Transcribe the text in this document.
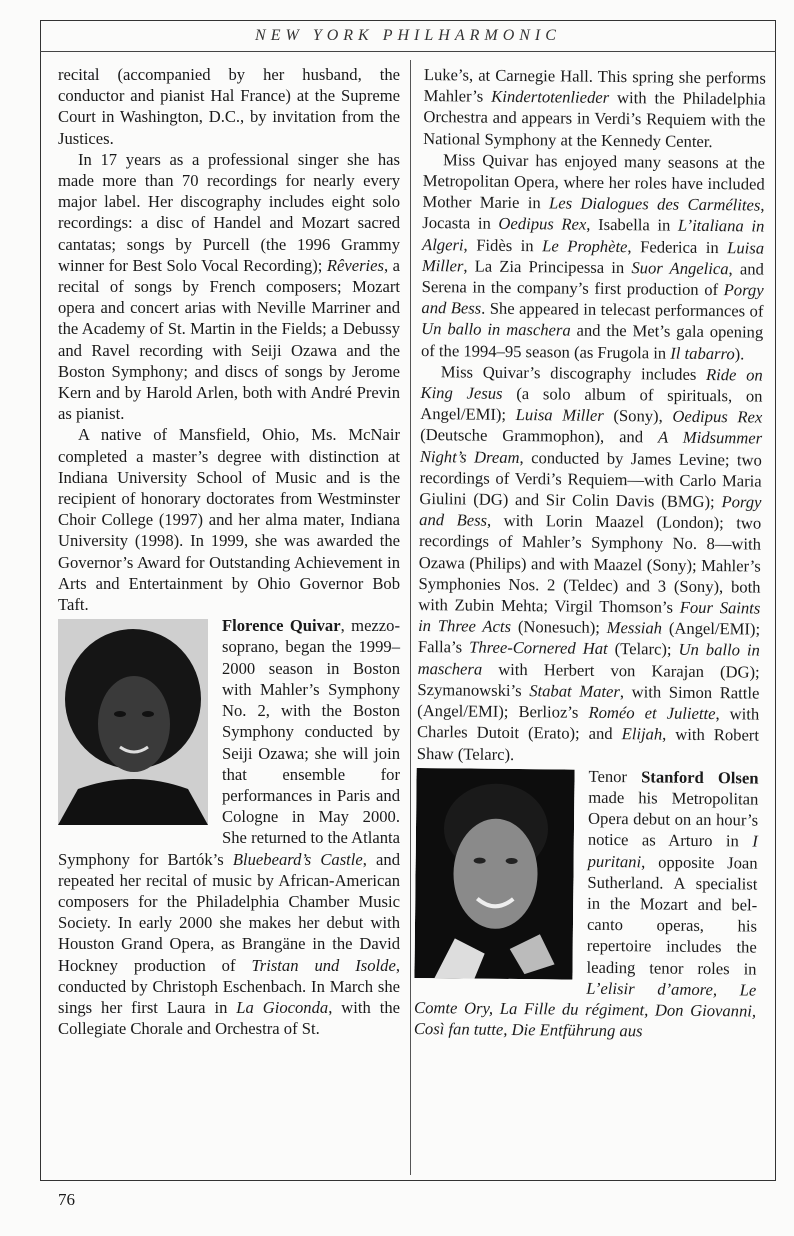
NEW YORK PHILHARMONIC

recital (accompanied by her husband, the conductor and pianist Hal France) at the Supreme Court in Washington, D.C., by invitation from the Justices.

In 17 years as a professional singer she has made more than 70 recordings for nearly every major label. Her discography includes eight solo recordings: a disc of Handel and Mozart sacred cantatas; songs by Purcell (the 1996 Grammy winner for Best Solo Vocal Recording); Rêveries, a recital of songs by French composers; Mozart opera and concert arias with Neville Marriner and the Academy of St. Martin in the Fields; a Debussy and Ravel recording with Seiji Ozawa and the Boston Symphony; and discs of songs by Jerome Kern and by Harold Arlen, both with André Previn as pianist.

A native of Mansfield, Ohio, Ms. McNair completed a master’s degree with distinction at Indiana University School of Music and is the recipient of honorary doctorates from Westminster Choir College (1997) and her alma mater, Indiana University (1998). In 1999, she was awarded the Governor’s Award for Outstanding Achievement in Arts and Entertainment by Ohio Governor Bob Taft.

Florence Quivar, mezzo-soprano, began the 1999–2000 season in Boston with Mahler’s Symphony No. 2, with the Boston Symphony conducted by Seiji Ozawa; she will join that ensemble for performances in Paris and Cologne in May 2000. She returned to the Atlanta Symphony for Bartók’s Bluebeard’s Castle, and repeated her recital of music by African-American composers for the Philadelphia Chamber Music Society. In early 2000 she makes her debut with Houston Grand Opera, as Brangäne in the David Hockney production of Tristan und Isolde, conducted by Christoph Eschenbach. In March she sings her first Laura in La Gioconda, with the Collegiate Chorale and Orchestra of St.

Luke’s, at Carnegie Hall. This spring she performs Mahler’s Kindertotenlieder with the Philadelphia Orchestra and appears in Verdi’s Requiem with the National Symphony at the Kennedy Center.

Miss Quivar has enjoyed many seasons at the Metropolitan Opera, where her roles have included Mother Marie in Les Dialogues des Carmélites, Jocasta in Oedipus Rex, Isabella in L’italiana in Algeri, Fidès in Le Prophète, Federica in Luisa Miller, La Zia Principessa in Suor Angelica, and Serena in the company’s first production of Porgy and Bess. She appeared in telecast performances of Un ballo in maschera and the Met’s gala opening of the 1994–95 season (as Frugola in Il tabarro).

Miss Quivar’s discography includes Ride on King Jesus (a solo album of spirituals, on Angel/EMI); Luisa Miller (Sony), Oedipus Rex (Deutsche Grammophon), and A Midsummer Night’s Dream, conducted by James Levine; two recordings of Verdi’s Requiem—with Carlo Maria Giulini (DG) and Sir Colin Davis (BMG); Porgy and Bess, with Lorin Maazel (London); two recordings of Mahler’s Symphony No. 8—with Ozawa (Philips) and with Maazel (Sony); Mahler’s Symphonies Nos. 2 (Teldec) and 3 (Sony), both with Zubin Mehta; Virgil Thomson’s Four Saints in Three Acts (Nonesuch); Messiah (Angel/EMI); Falla’s Three-Cornered Hat (Telarc); Un ballo in maschera with Herbert von Karajan (DG); Szymanowski’s Stabat Mater, with Simon Rattle (Angel/EMI); Berlioz’s Roméo et Juliette, with Charles Dutoit (Erato); and Elijah, with Robert Shaw (Telarc).

Tenor Stanford Olsen made his Metropolitan Opera debut on an hour’s notice as Arturo in I puritani, opposite Joan Sutherland. A specialist in the Mozart and bel-canto operas, his repertoire includes the leading tenor roles in L’elisir d’amore, Le Comte Ory, La Fille du régiment, Don Giovanni, Così fan tutte, Die Entführung aus

76
